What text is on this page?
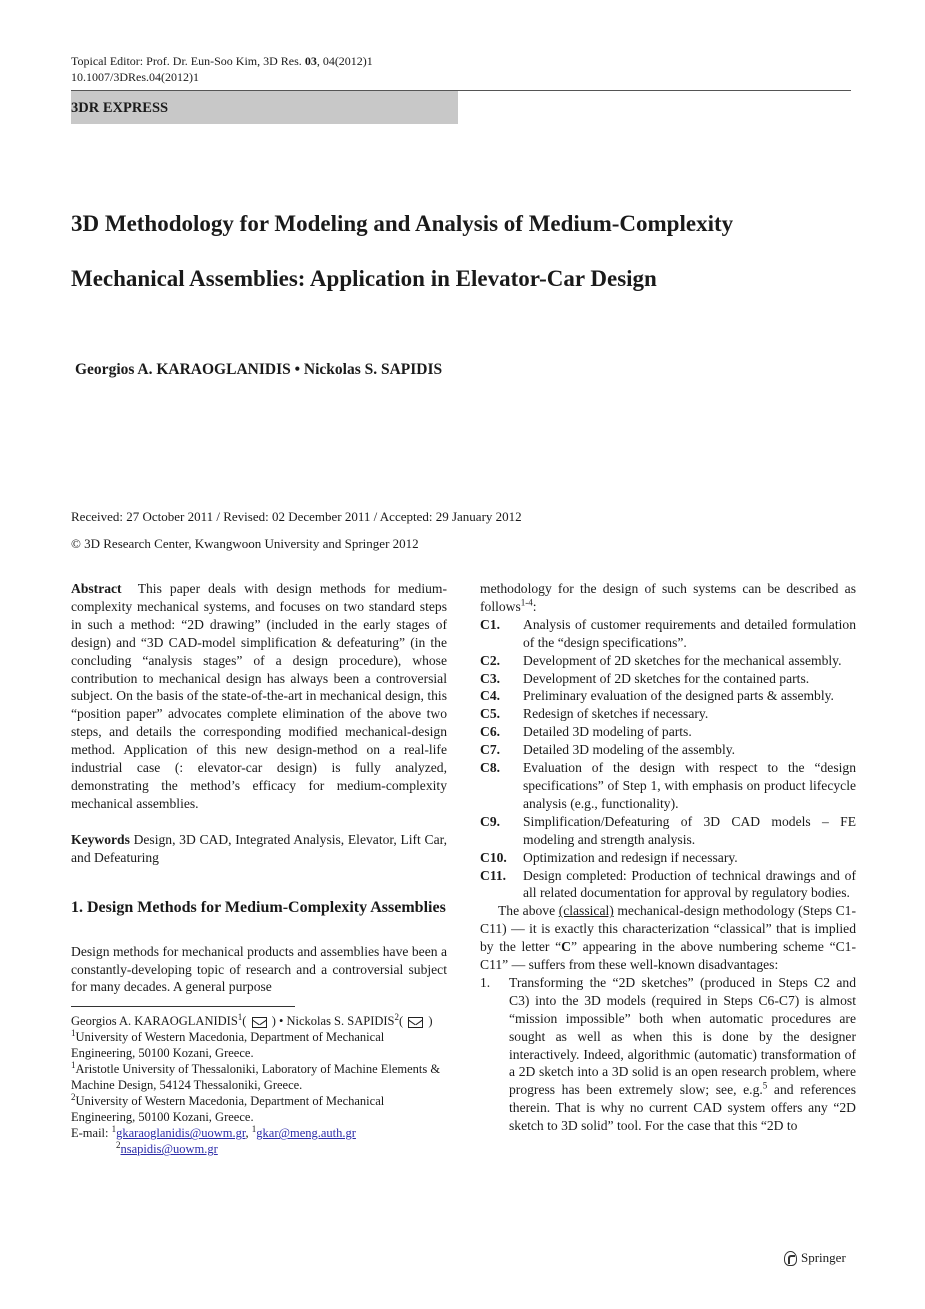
Topical Editor: Prof. Dr. Eun-Soo Kim, 3D Res. 03, 04(2012)1
10.1007/3DRes.04(2012)1
3DR EXPRESS
3D Methodology for Modeling and Analysis of Medium-Complexity
Mechanical Assemblies: Application in Elevator-Car Design
Georgios A. KARAOGLANIDIS • Nickolas S. SAPIDIS
Received: 27 October 2011 / Revised: 02 December 2011 / Accepted: 29 January 2012
© 3D Research Center, Kwangwoon University and Springer 2012

Abstract This paper deals with design methods for medium-complexity mechanical systems, and focuses on two standard steps in such a method: “2D drawing” (included in the early stages of design) and “3D CAD-model simplification & defeaturing” (in the concluding “analysis stages” of a design procedure), whose contribution to mechanical design has always been a controversial subject. On the basis of the state-of-the-art in mechanical design, this “position paper” advocates complete elimination of the above two steps, and details the corresponding modified mechanical-design method. Application of this new design-method on a real-life industrial case (: elevator-car design) is fully analyzed, demonstrating the method’s efficacy for medium-complexity mechanical assemblies.

Keywords Design, 3D CAD, Integrated Analysis, Elevator, Lift Car, and Defeaturing

1. Design Methods for Medium-Complexity Assemblies

Design methods for mechanical products and assemblies have been a constantly-developing topic of research and a controversial subject for many decades. A general purpose

Georgios A. KARAOGLANIDIS$^1$(  ) • Nickolas S. SAPIDIS$^2$(  )
$^1$University of Western Macedonia, Department of Mechanical Engineering, 50100 Kozani, Greece.
$^1$Aristotle University of Thessaloniki, Laboratory of Machine Elements & Machine Design, 54124 Thessaloniki, Greece.
$^2$University of Western Macedonia, Department of Mechanical Engineering, 50100 Kozani, Greece.
E-mail: $^1$gkaraoglanidis@uowm.gr, $^1$gkar@meng.auth.gr
$^2$nsapidis@uowm.gr

methodology for the design of such systems can be described as follows$^{1-4}$:

C1.	Analysis of customer requirements and detailed formulation of the “design specifications”.
C2.	Development of 2D sketches for the mechanical assembly.
C3.	Development of 2D sketches for the contained parts.
C4.	Preliminary evaluation of the designed parts & assembly.
C5.	Redesign of sketches if necessary.
C6.	Detailed 3D modeling of parts.
C7.	Detailed 3D modeling of the assembly.
C8.	Evaluation of the design with respect to the “design specifications” of Step 1, with emphasis on product lifecycle analysis (e.g., functionality).
C9.	Simplification/Defeaturing of 3D CAD models – FE modeling and strength analysis.
C10.	Optimization and redesign if necessary.
C11.	Design completed: Production of technical drawings and of all related documentation for approval by regulatory bodies.

The above (classical) mechanical-design methodology (Steps C1-C11) — it is exactly this characterization “classical” that is implied by the letter “C” appearing in the above numbering scheme “C1-C11” — suffers from these well-known disadvantages:

1.	Transforming the “2D sketches” (produced in Steps C2 and C3) into the 3D models (required in Steps C6-C7) is almost “mission impossible” both when automatic procedures are sought as well as when this is done by the designer interactively. Indeed, algorithmic (automatic) transformation of a 2D sketch into a 3D solid is an open research problem, where progress has been extremely slow; see, e.g.$^5$ and references therein. That is why no current CAD system offers any “2D sketch to 3D solid” tool. For the case that this “2D to
Springer
